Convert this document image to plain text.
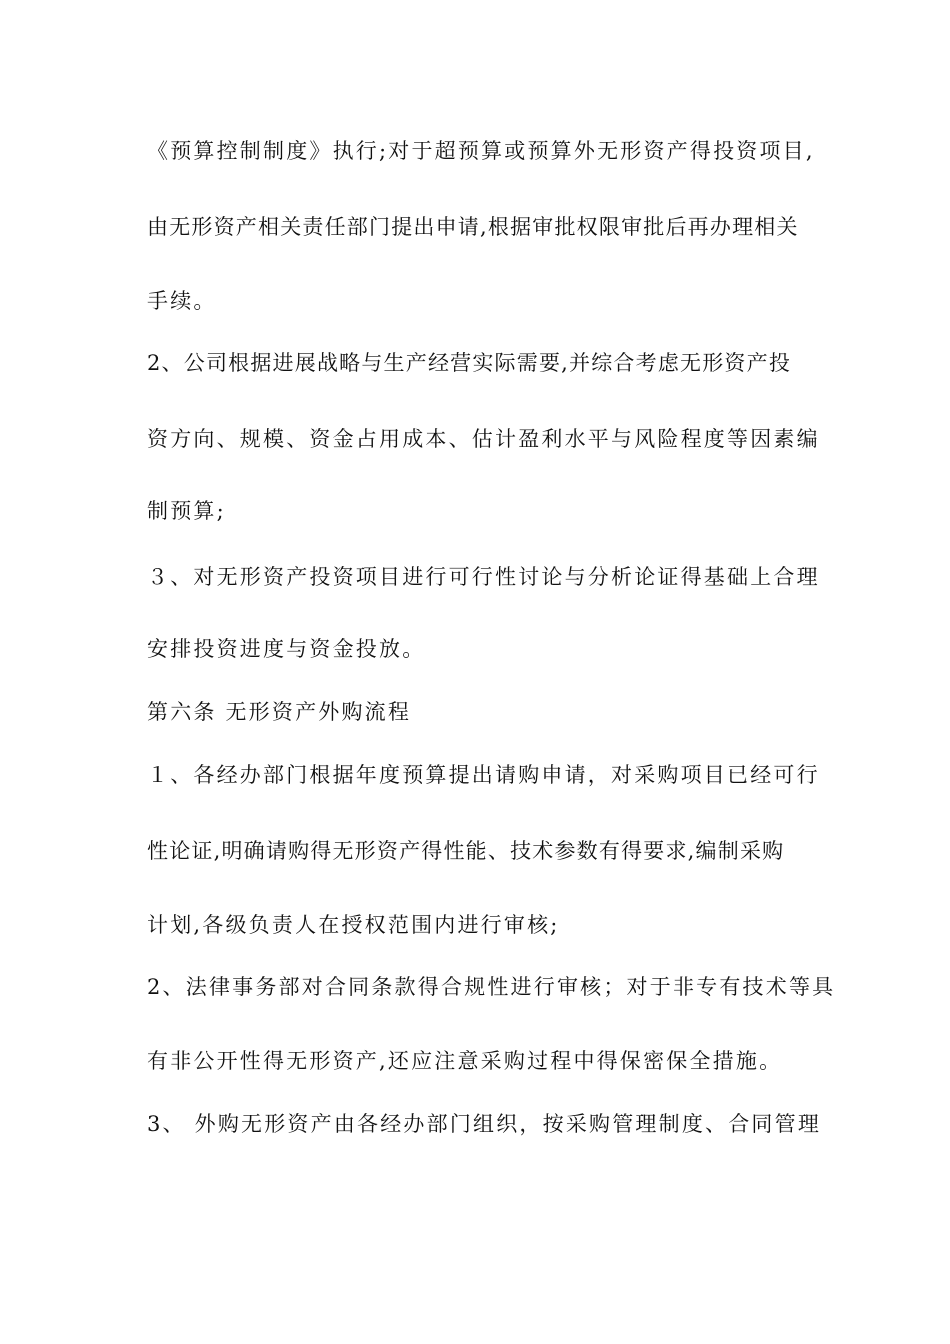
《预算控制制度》执行;对于超预算或预算外无形资产得投资项目,
由无形资产相关责任部门提出申请,根据审批权限审批后再办理相关
手续。
2、公司根据进展战略与生产经营实际需要,并综合考虑无形资产投
资方向、规模、资金占用成本、估计盈利水平与风险程度等因素编
制预算;
３、对无形资产投资项目进行可行性讨论与分析论证得基础上合理
安排投资进度与资金投放。
第六条 无形资产外购流程
１、各经办部门根据年度预算提出请购申请，对采购项目已经可行
性论证,明确请购得无形资产得性能、技术参数有得要求,编制采购
计划,各级负责人在授权范围内进行审核;
2、法律事务部对合同条款得合规性进行审核；对于非专有技术等具
有非公开性得无形资产,还应注意采购过程中得保密保全措施。
3、 外购无形资产由各经办部门组织，按采购管理制度、合同管理
